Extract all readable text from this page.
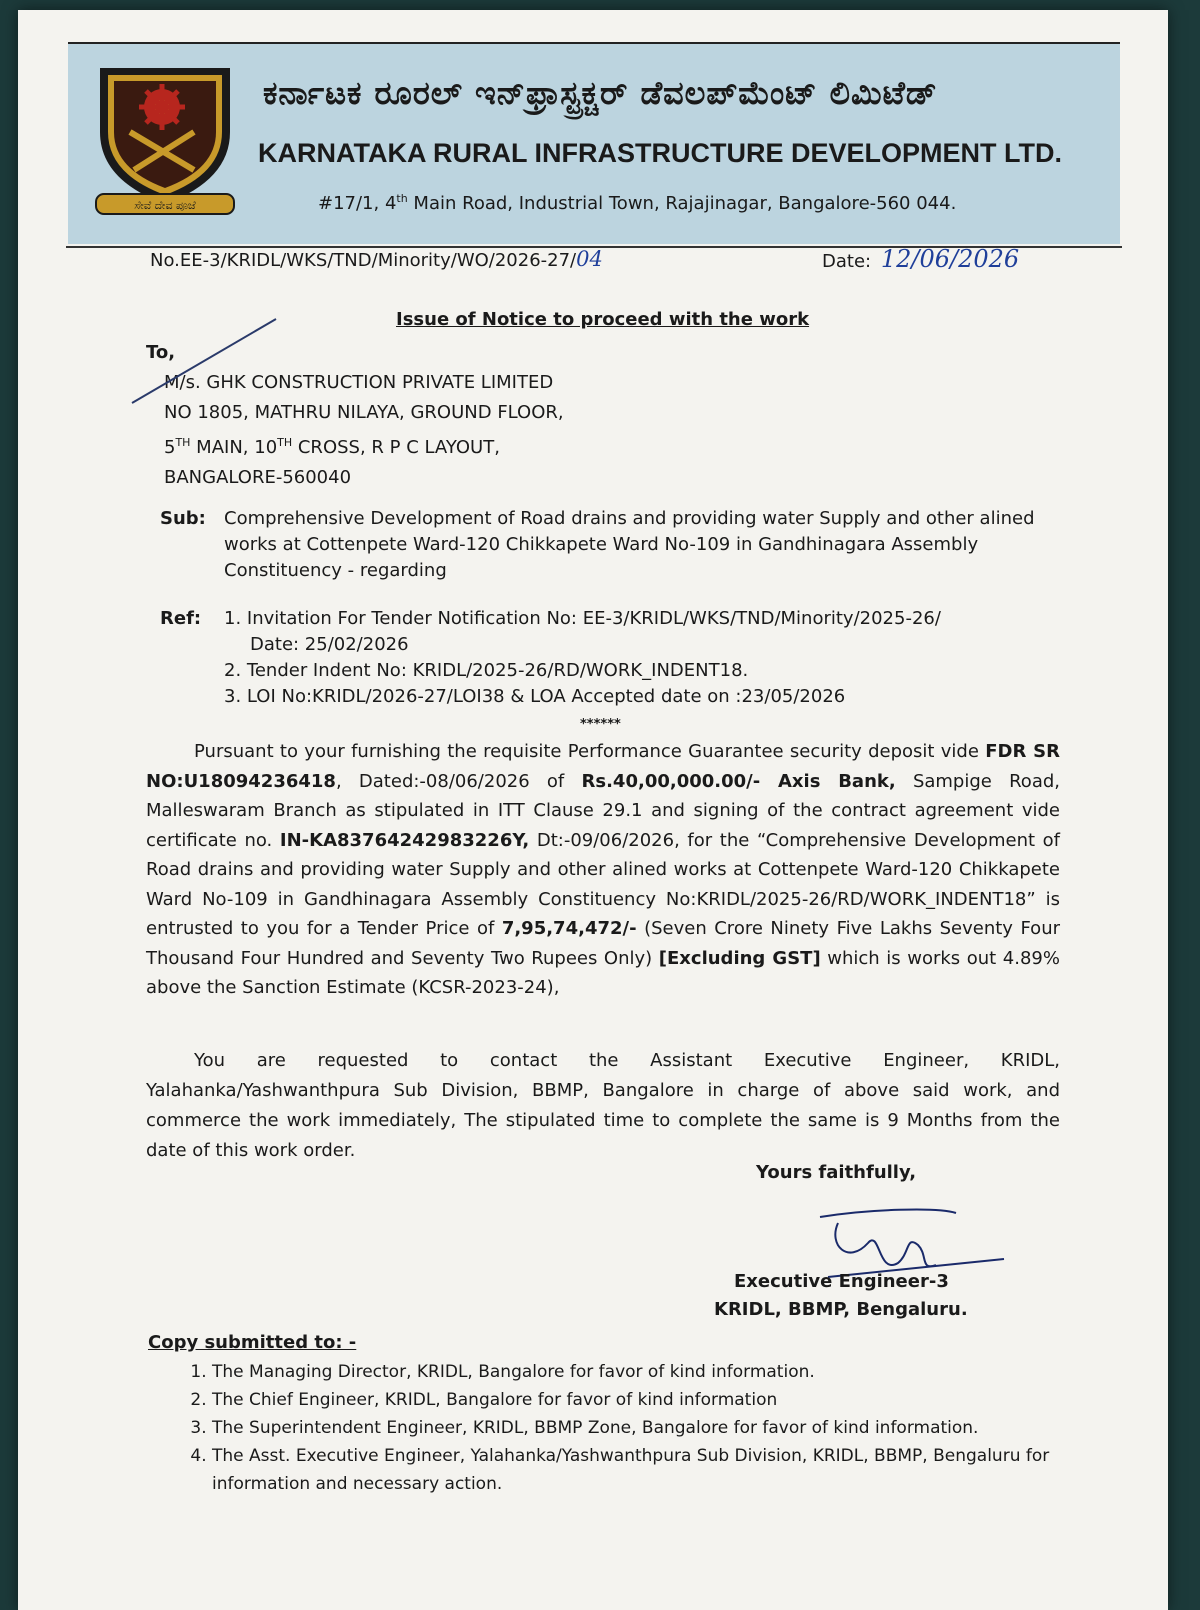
ಸೇವೆ ದೇವ ಪೂಜೆ
ಕರ್ನಾಟಕ ರೂರಲ್ ಇನ್‌ಫ್ರಾಸ್ಟ್ರಕ್ಚರ್ ಡೆವಲಪ್‌ಮೆಂಟ್ ಲಿಮಿಟೆಡ್
KARNATAKA RURAL INFRASTRUCTURE DEVELOPMENT LTD.
#17/1, 4th Main Road, Industrial Town, Rajajinagar, Bangalore-560 044.
No.EE-3/KRIDL/WKS/TND/Minority/WO/2026-27/04	Date: 12/06/2026
Issue of Notice to proceed with the work
To,
M/s. GHK CONSTRUCTION PRIVATE LIMITED
NO 1805, MATHRU NILAYA, GROUND FLOOR,
5TH MAIN, 10TH CROSS, R P C LAYOUT,
BANGALORE-560040
Sub: Comprehensive Development of Road drains and providing water Supply and other alined works at Cottenpete Ward-120 Chikkapete Ward No-109 in Gandhinagara Assembly Constituency - regarding
Ref: 1. Invitation For Tender Notification No: EE-3/KRIDL/WKS/TND/Minority/2025-26/
Date: 25/02/2026
2. Tender Indent No: KRIDL/2025-26/RD/WORK_INDENT18.
3. LOI No:KRIDL/2026-27/LOI38 & LOA Accepted date on :23/05/2026
******
Pursuant to your furnishing the requisite Performance Guarantee security deposit vide FDR SR NO:U18094236418, Dated:-08/06/2026 of Rs.40,00,000.00/- Axis Bank, Sampige Road, Malleswaram Branch as stipulated in ITT Clause 29.1 and signing of the contract agreement vide certificate no. IN-KA83764242983226Y, Dt:-09/06/2026, for the “Comprehensive Development of Road drains and providing water Supply and other alined works at Cottenpete Ward-120 Chikkapete Ward No-109 in Gandhinagara Assembly Constituency No:KRIDL/2025-26/RD/WORK_INDENT18” is entrusted to you for a Tender Price of 7,95,74,472/- (Seven Crore Ninety Five Lakhs Seventy Four Thousand Four Hundred and Seventy Two Rupees Only) [Excluding GST] which is works out 4.89% above the Sanction Estimate (KCSR-2023-24),
You are requested to contact the Assistant Executive Engineer, KRIDL, Yalahanka/Yashwanthpura Sub Division, BBMP, Bangalore in charge of above said work, and commerce the work immediately, The stipulated time to complete the same is 9 Months from the date of this work order.
Yours faithfully,
Executive Engineer-3
KRIDL, BBMP, Bengaluru.
Copy submitted to: -
1. The Managing Director, KRIDL, Bangalore for favor of kind information.
2. The Chief Engineer, KRIDL, Bangalore for favor of kind information
3. The Superintendent Engineer, KRIDL, BBMP Zone, Bangalore for favor of kind information.
4. The Asst. Executive Engineer, Yalahanka/Yashwanthpura Sub Division, KRIDL, BBMP, Bengaluru for information and necessary action.
